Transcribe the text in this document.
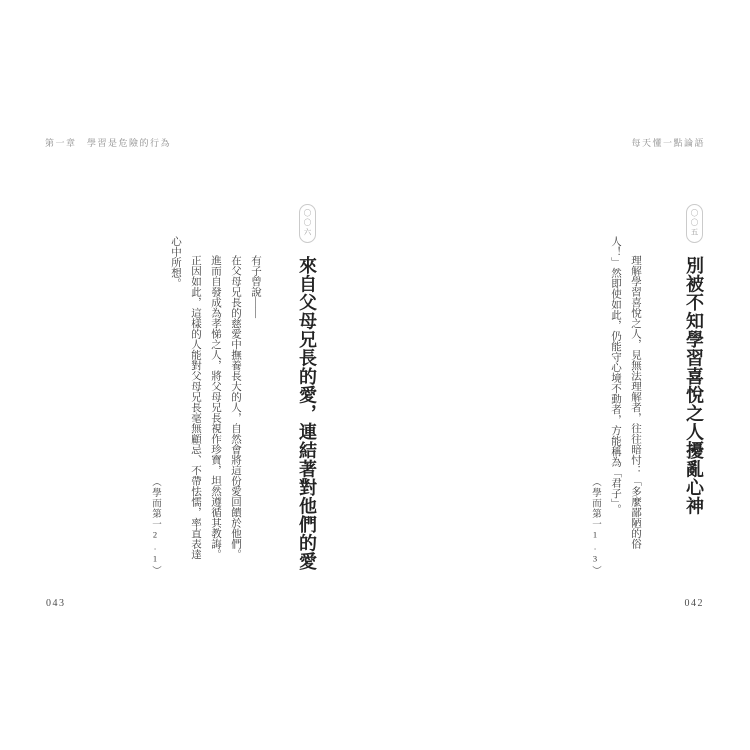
第一章　學習是危險的行為
〇〇六來自父母兄長的愛，連結著對他們的愛

有子曾說——

在父母兄長的慈愛中撫養長大的人，自然會將這份愛回饋於他們。

進而自發成為孝悌之人，將父母兄長視作珍寶，坦然遵循其教誨。

正因如此，這樣的人能對父母兄長毫無顧忌、不帶怯懦，率直表達心中所想。

（學而第一2.1）

043
每天懂一點論語
〇〇五別被不知學習喜悅之人擾亂心神

理解學習喜悅之人，見無法理解者，往往暗忖：「多麼鄙陋的俗人！」然即使如此，仍能守心境不動者，方能稱為「君子」。

（學而第一1.3）

042
